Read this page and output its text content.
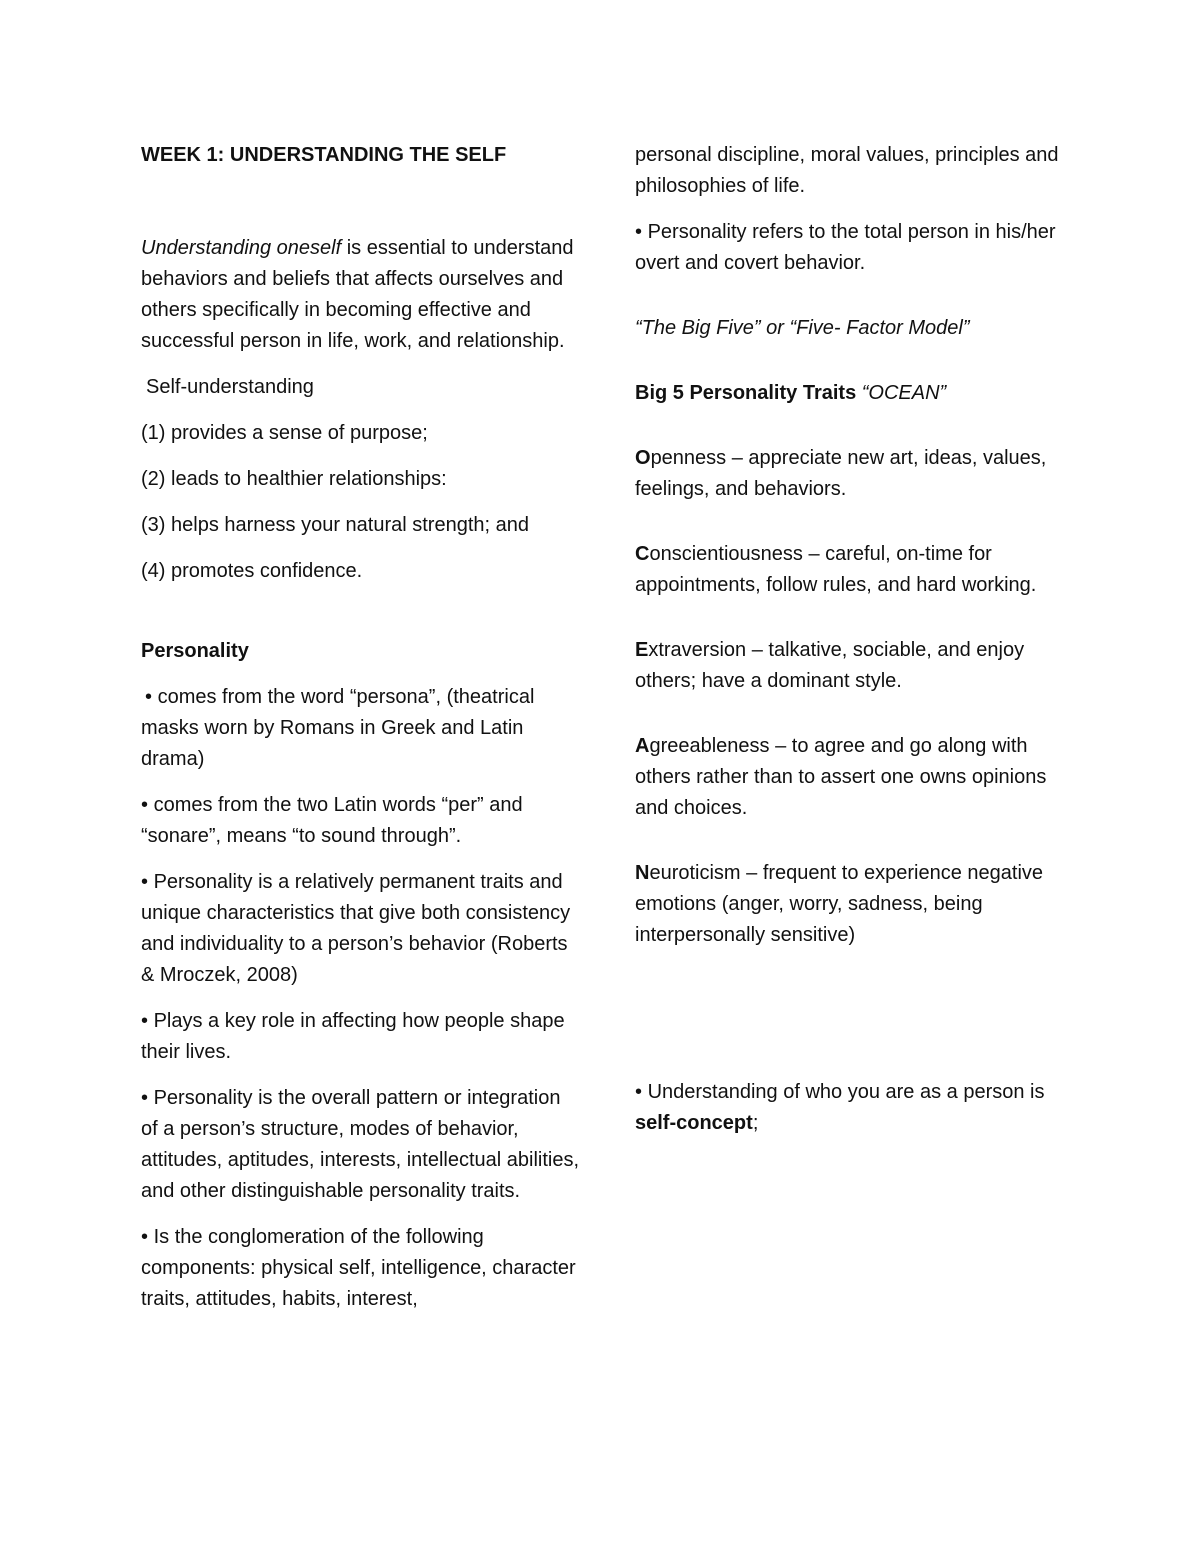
WEEK 1: UNDERSTANDING THE SELF

Understanding oneself is essential to understand behaviors and beliefs that affects ourselves and others specifically in becoming effective and successful person in life, work, and relationship.

Self-understanding

(1) provides a sense of purpose;

(2) leads to healthier relationships:

(3) helps harness your natural strength; and

(4) promotes confidence.

Personality

• comes from the word “persona”, (theatrical masks worn by Romans in Greek and Latin drama)

• comes from the two Latin words “per” and “sonare”, means “to sound through”.

• Personality is a relatively permanent traits and unique characteristics that give both consistency and individuality to a person’s behavior (Roberts & Mroczek, 2008)

• Plays a key role in affecting how people shape their lives.

• Personality is the overall pattern or integration of a person’s structure, modes of behavior, attitudes, aptitudes, interests, intellectual abilities, and other distinguishable personality traits.

• Is the conglomeration of the following components: physical self, intelligence, character traits, attitudes, habits, interest,

personal discipline, moral values, principles and philosophies of life.

• Personality refers to the total person in his/her overt and covert behavior.

“The Big Five” or “Five- Factor Model”

Big 5 Personality Traits “OCEAN”

Openness – appreciate new art, ideas, values, feelings, and behaviors.

Conscientiousness – careful, on-time for appointments, follow rules, and hard working.

Extraversion – talkative, sociable, and enjoy others; have a dominant style.

Agreeableness – to agree and go along with others rather than to assert one owns opinions and choices.

Neuroticism – frequent to experience negative emotions (anger, worry, sadness, being interpersonally sensitive)

• Understanding of who you are as a person is self-concept;
